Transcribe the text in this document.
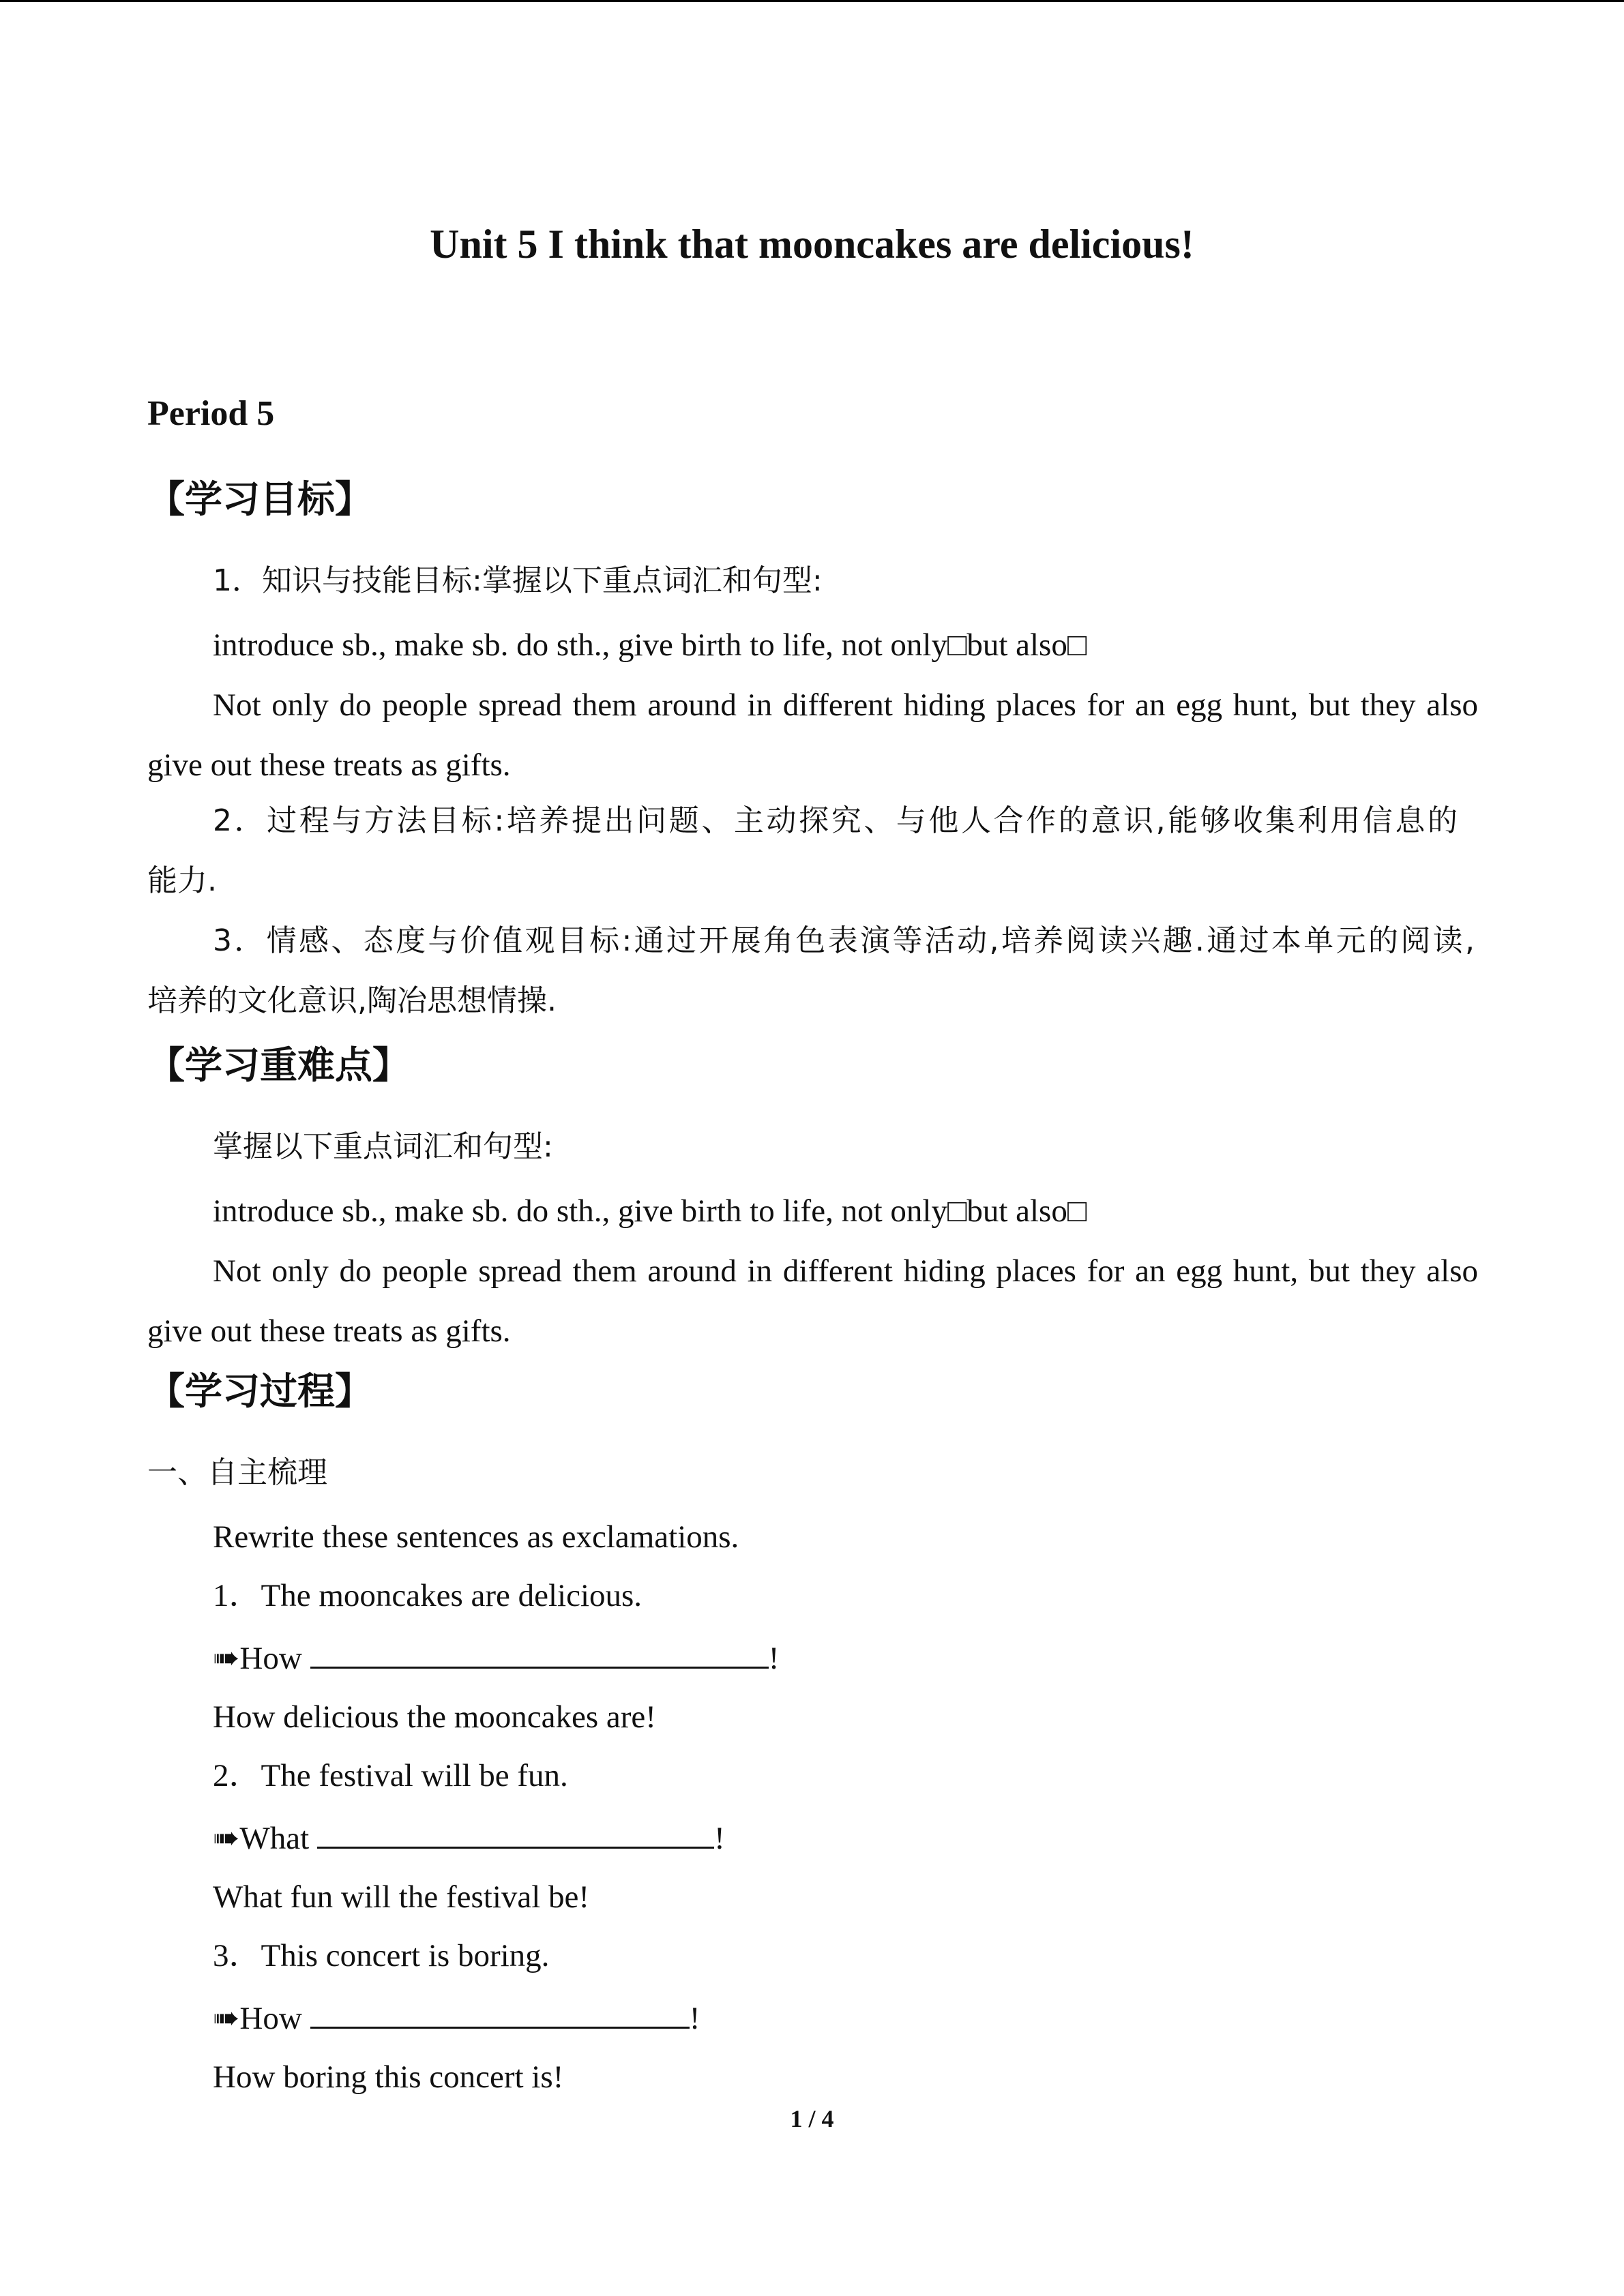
Unit 5 I think that mooncakes are delicious!
Period 5
【学习目标】
1．知识与技能目标:掌握以下重点词汇和句型:
introduce sb., make sb. do sth., give birth to life, not only□but also□
Not only do people spread them around in different hiding places for an egg hunt, but they also
give out these treats as gifts.
2．过程与方法目标:培养提出问题、主动探究、与他人合作的意识,能够收集利用信息的
能力.
3．情感、态度与价值观目标:通过开展角色表演等活动,培养阅读兴趣.通过本单元的阅读,
培养的文化意识,陶冶思想情操.
【学习重难点】
掌握以下重点词汇和句型:
introduce sb., make sb. do sth., give birth to life, not only□but also□
Not only do people spread them around in different hiding places for an egg hunt, but they also
give out these treats as gifts.
【学习过程】
一、自主梳理
Rewrite these sentences as exclamations.
1．The mooncakes are delicious.
➠How	!
How delicious the mooncakes are!
2．The festival will be fun.
➠What	!
What fun will the festival be!
3．This concert is boring.
➠How	!
How boring this concert is!
1 / 4
